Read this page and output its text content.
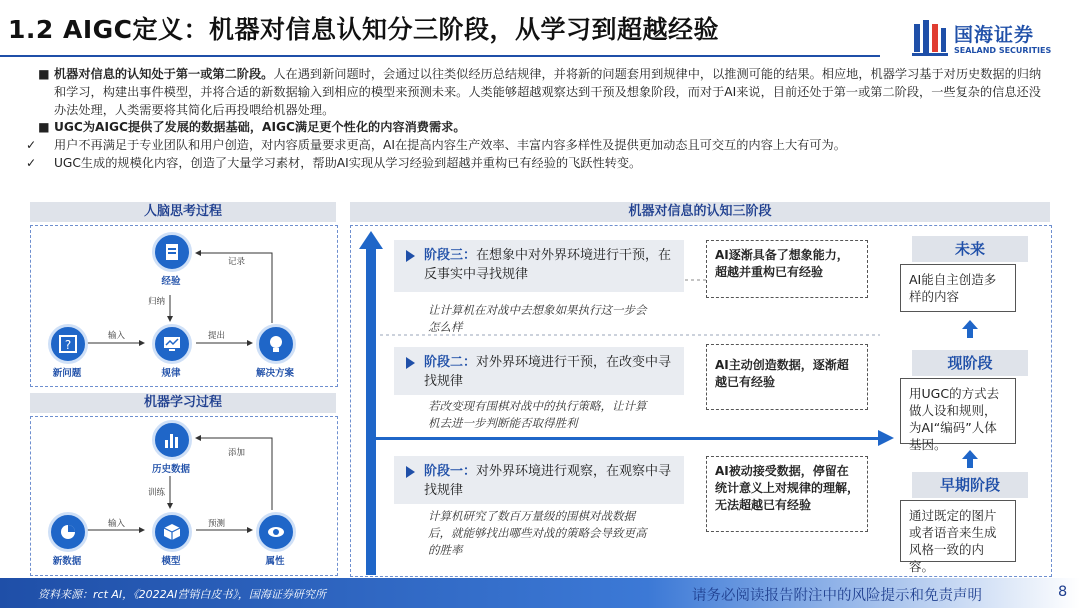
1.2 AIGC定义：机器对信息认知分三阶段，从学习到超越经验	国海证券
SEALAND SECURITIES
■ 机器对信息的认知处于第一或第二阶段。人在遇到新问题时，会通过以往类似经历总结规律，并将新的问题套用到规律中，以推测可能的结果。相应地，机器学习基于对历史数据的归纳和学习，构建出事件模型，并将合适的新数据输入到相应的模型来预测未来。人类能够超越观察达到干预及想象阶段，而对于AI来说，目前还处于第一或第二阶段，一些复杂的信息还没办法处理，人类需要将其简化后再投喂给机器处理。
■ UGC为AIGC提供了发展的数据基础，AIGC满足更个性化的内容消费需求。
✓ 用户不再满足于专业团队和用户创造，对内容质量要求更高，AI在提高内容生产效率、丰富内容多样性及提供更加动态且可交互的内容上大有可为。
✓ UGC生成的规模化内容，创造了大量学习素材，帮助AI实现从学习经验到超越并重构已有经验的飞跃性转变。
人脑思考过程
经验
?
新问题	规律	解决方案
记录
归纳
输入	提出
机器学习过程
历史数据
新数据	模型	属性
添加
训练
输入	预测
机器对信息的认知三阶段
阶段三：在想象中对外界环境进行干预，在反事实中寻找规律
让计算机在对战中去想象如果执行这一步会怎么样
AI逐渐具备了想象能力，超越并重构已有经验
阶段二：对外界环境进行干预，在改变中寻找规律
若改变现有围棋对战中的执行策略，让计算机去进一步判断能否取得胜利
AI主动创造数据，逐渐超越已有经验
阶段一：对外界环境进行观察，在观察中寻找规律
计算机研究了数百万量级的围棋对战数据后，就能够找出哪些对战的策略会导致更高的胜率
AI被动接受数据，停留在统计意义上对规律的理解，无法超越已有经验
未来
AI能自主创造多样的内容
现阶段
用UGC的方式去做人设和规则，为AI“编码”人体基因。
早期阶段
通过既定的图片或者语音来生成风格一致的内容。
资料来源：rct AI，《2022AI营销白皮书》，国海证券研究所	请务必阅读报告附注中的风险提示和免责声明	8
